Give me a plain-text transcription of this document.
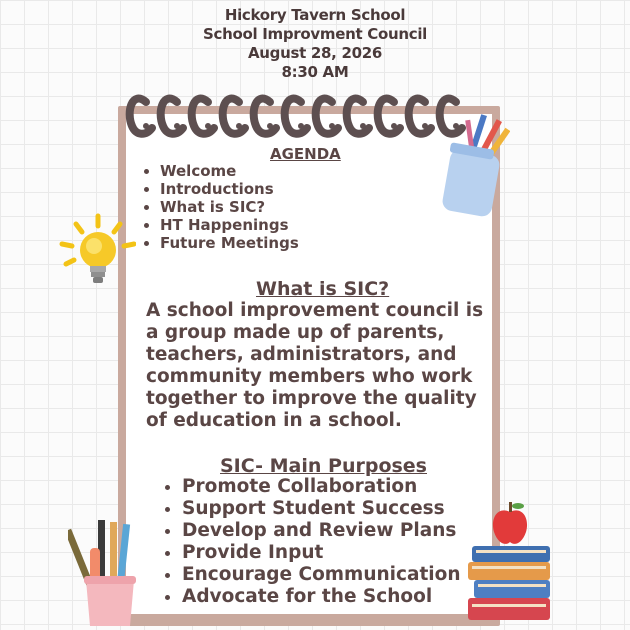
Hickory Tavern School
School Improvment Council
August 28, 2026
8:30 AM
AGENDA
• Welcome
• Introductions
• What is SIC?
• HT Happenings
• Future Meetings
What is SIC?

A school improvement council is a group made up of parents, teachers, administrators, and community members who work together to improve the quality of education in a school.

SIC- Main Purposes
• Promote Collaboration
• Support Student Success
• Develop and Review Plans
• Provide Input
• Encourage Communication
• Advocate for the School
